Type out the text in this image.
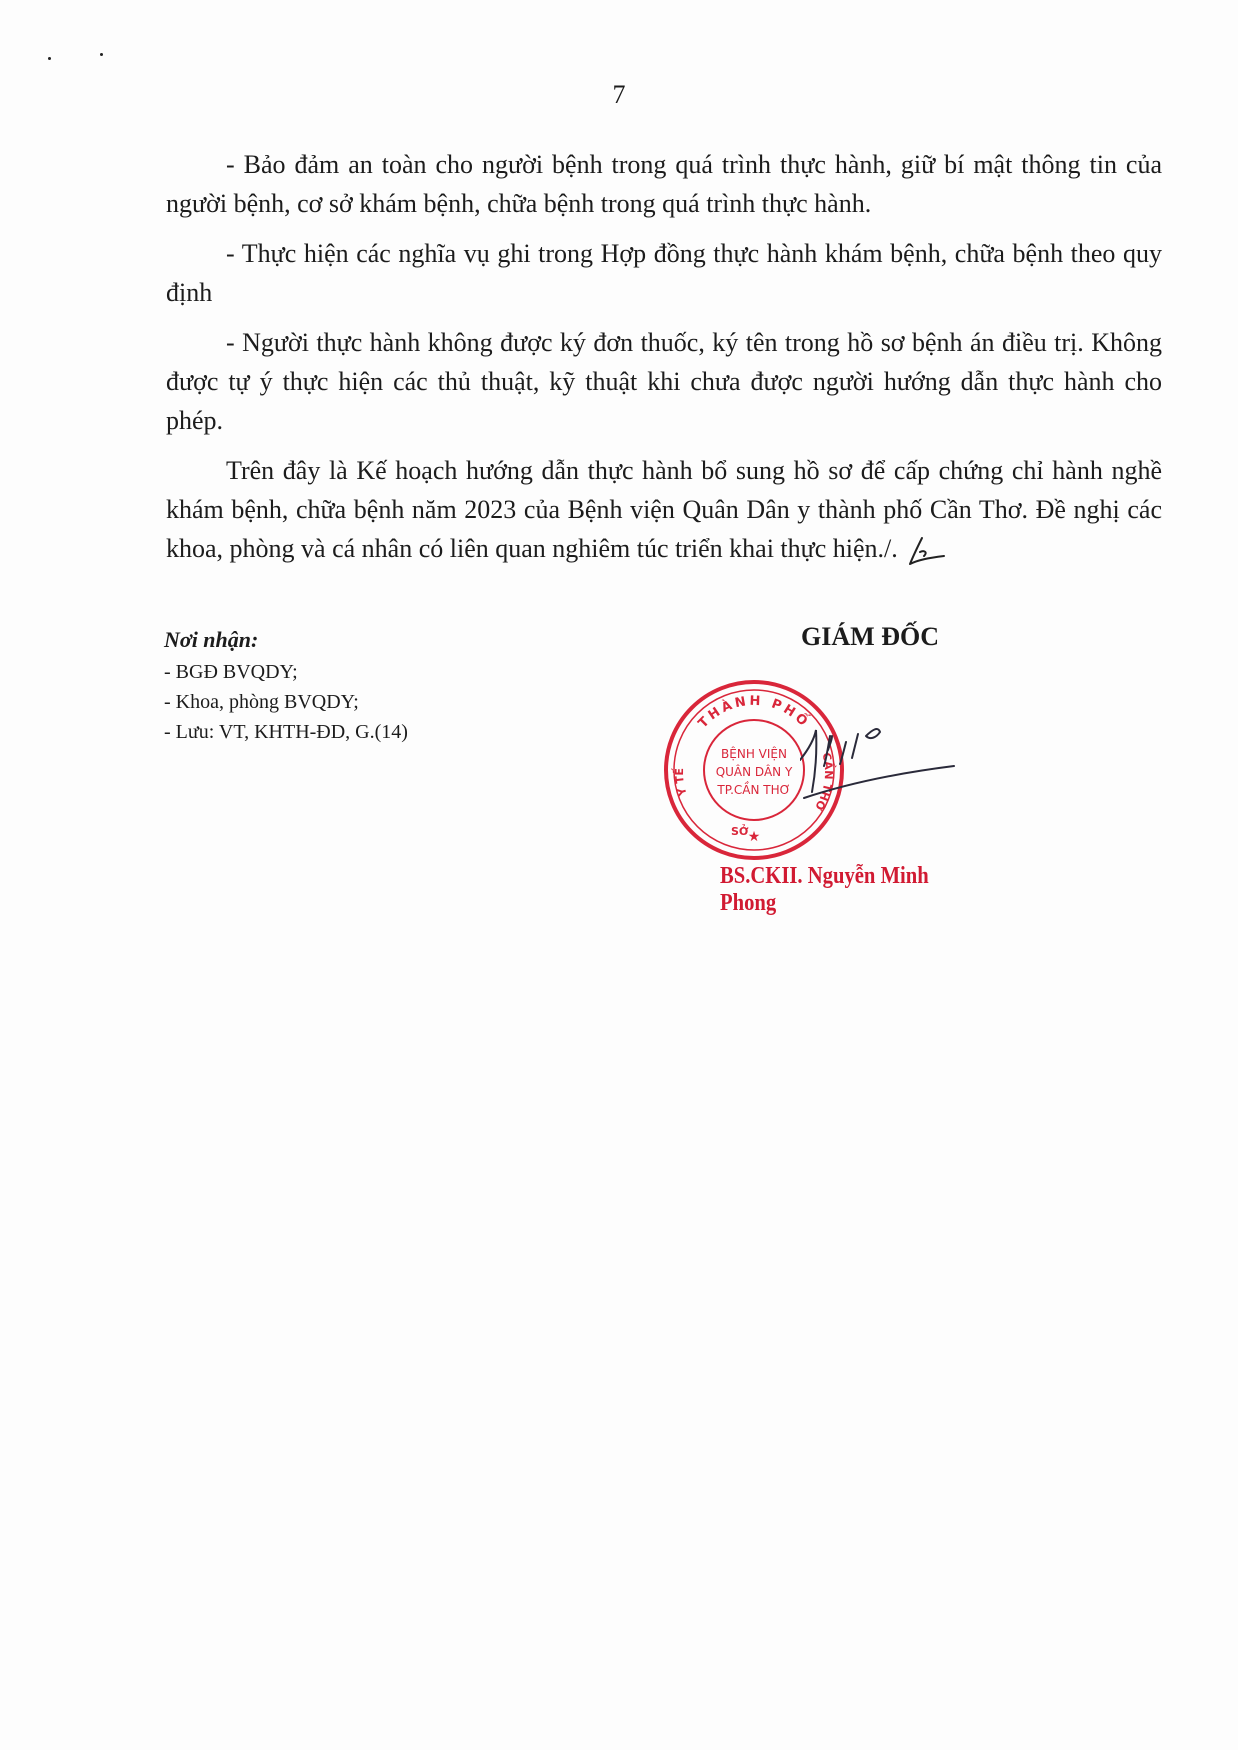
7

- Bảo đảm an toàn cho người bệnh trong quá trình thực hành, giữ bí mật thông tin của người bệnh, cơ sở khám bệnh, chữa bệnh trong quá trình thực hành.

- Thực hiện các nghĩa vụ ghi trong Hợp đồng thực hành khám bệnh, chữa bệnh theo quy định

- Người thực hành không được ký đơn thuốc, ký tên trong hồ sơ bệnh án điều trị. Không được tự ý thực hiện các thủ thuật, kỹ thuật khi chưa được người hướng dẫn thực hành cho phép.

Trên đây là Kế hoạch hướng dẫn thực hành bổ sung hồ sơ để cấp chứng chỉ hành nghề khám bệnh, chữa bệnh năm 2023 của Bệnh viện Quân Dân y thành phố Cần Thơ. Đề nghị các khoa, phòng và cá nhân có liên quan nghiêm túc triển khai thực hiện./.

Nơi nhận:
- BGĐ BVQDY;
- Khoa, phòng BVQDY;
- Lưu: VT, KHTH-ĐD, G.(14)
GIÁM ĐỐC
THÀNH PHỐ
Y TẾ
CẦN THƠ
SỞ ★
BỆNH VIỆN
QUÂN DÂN Y
TP.CẦN THƠ
BS.CKII. Nguyễn Minh Phong
